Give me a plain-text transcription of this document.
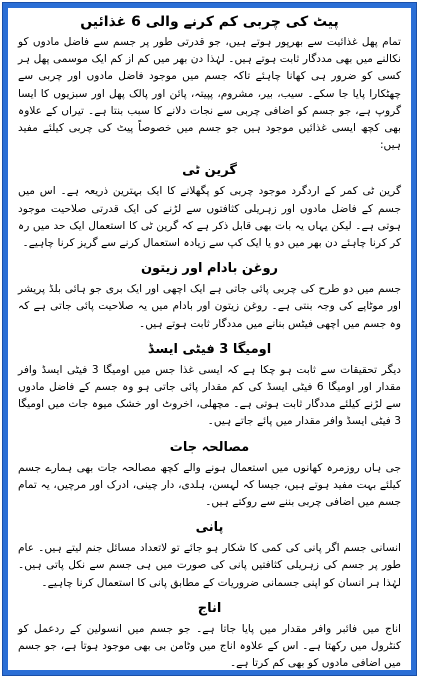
پیٹ کی چربی کم کرنے والی 6 غذائیں

تمام پھل غذائیت سے بھرپور ہوتے ہیں، جو قدرتی طور پر جسم سے فاضل مادوں کو نکالنے میں بھی مددگار ثابت ہوتے ہیں۔ لہٰذا دن بھر میں کم از کم ایک موسمی پھل ہر کسی کو ضرور ہی کھانا چاہئے تاکہ جسم میں موجود فاضل مادوں اور چربی سے چھٹکارا پایا جا سکے۔ سیب، بیر، مشروم، پپیتہ، پائن اور پالک پھل اور سبزیوں کا ایسا گروپ ہے، جو جسم کو اضافی چربی سے نجات دلانے کا سبب بنتا ہے۔ تیراں کے علاوہ بھی کچھ ایسی غذائیں موجود ہیں جو جسم میں خصوصاً پیٹ کی چربی کیلئے مفید ہیں:

گرین ٹی

گرین ٹی کمر کے اردگرد موجود چربی کو پگھلانے کا ایک بہترین ذریعہ ہے۔ اس میں جسم کے فاضل مادوں اور زہریلی کثافتوں سے لڑنے کی ایک قدرتی صلاحیت موجود ہوتی ہے۔ لیکن یہاں یہ بات بھی قابل ذکر ہے کہ گرین ٹی کا استعمال ایک حد میں رہ کر کرنا چاہئے دن بھر میں دو یا ایک کپ سے زیادہ استعمال کرنے سے گریز کرنا چاہیے۔

روغن بادام اور زیتون

جسم میں دو طرح کی چربی پائی جاتی ہے ایک اچھی اور ایک بری جو ہائی بلڈ پریشر اور موٹاپے کی وجہ بنتی ہے۔ روغن زیتون اور بادام میں یہ صلاحیت پائی جاتی ہے کہ وہ جسم میں اچھی فیٹس بنانے میں مددگار ثابت ہوتے ہیں۔

اومیگا 3 فیٹی ایسڈ

دیگر تحقیقات سے ثابت ہو چکا ہے کہ ایسی غذا جس میں اومیگا 3 فیٹی ایسڈ وافر مقدار اور اومیگا 6 فیٹی ایسڈ کی کم مقدار پائی جاتی ہو وہ جسم کے فاضل مادوں سے لڑنے کیلئے مددگار ثابت ہوتی ہے۔ مچھلی، اخروٹ اور خشک میوہ جات میں اومیگا 3 فیٹی ایسڈ وافر مقدار میں پائے جاتے ہیں۔

مصالحہ جات

جی ہاں روزمرہ کھانوں میں استعمال ہونے والے کچھ مصالحہ جات بھی ہمارے جسم کیلئے بہت مفید ہوتے ہیں، جیسا کہ لہسن، ہلدی، دار چینی، ادرک اور مرچیں، یہ تمام جسم میں اضافی چربی بننے سے روکتے ہیں۔

پانی

انسانی جسم اگر پانی کی کمی کا شکار ہو جائے تو لاتعداد مسائل جنم لیتے ہیں۔ عام طور پر جسم کی زہریلی کثافتیں پانی کی صورت میں ہی جسم سے نکل پاتی ہیں۔ لہٰذا ہر انسان کو اپنی جسمانی ضروریات کے مطابق پانی کا استعمال کرنا چاہیے۔

اناج

اناج میں فائبر وافر مقدار میں پایا جاتا ہے۔ جو جسم میں انسولین کے ردعمل کو کنٹرول میں رکھتا ہے۔ اس کے علاوہ اناج میں وٹامن بی بھی موجود ہوتا ہے، جو جسم میں اضافی مادوں کو بھی کم کرتا ہے۔
